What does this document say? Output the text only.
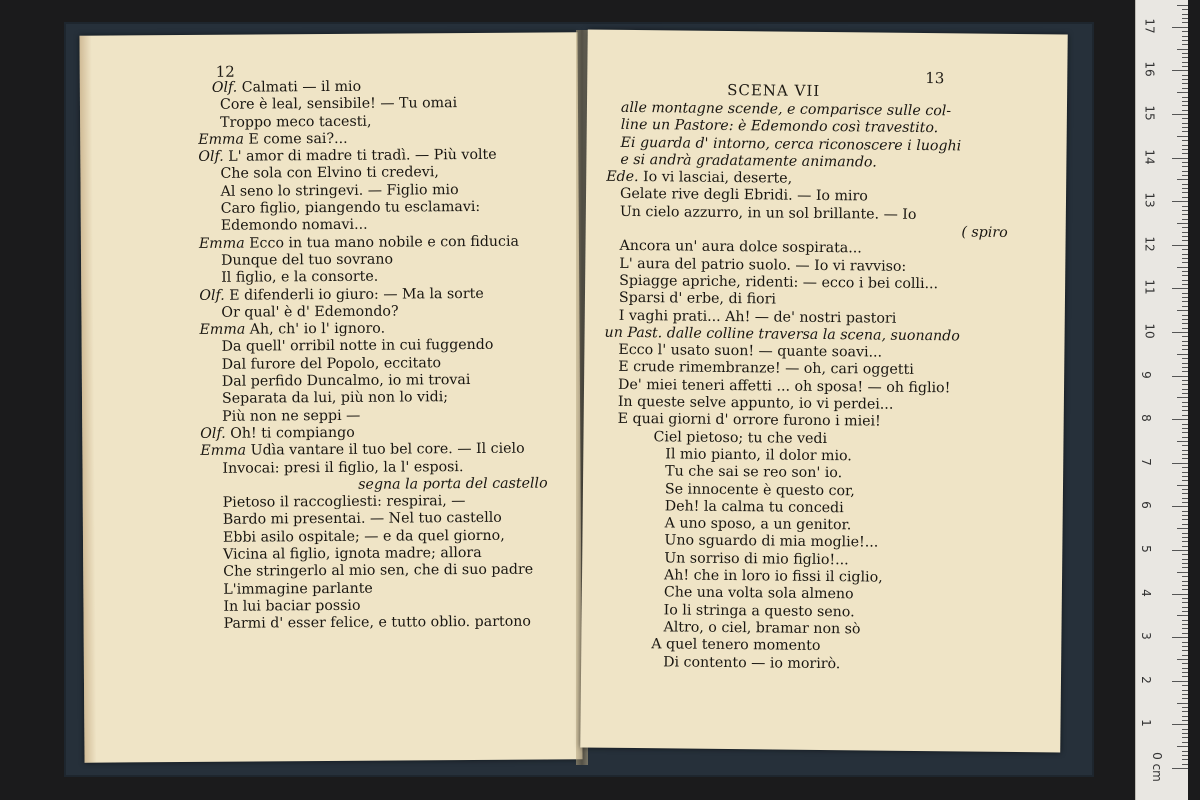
12
Olf. Calmati — il mio
Core è leal, sensibile! — Tu omai
Troppo meco tacesti,
Emma E come sai?...
Olf. L' amor di madre ti tradì. — Più volte
Che sola con Elvino ti credevi,
Al seno lo stringevi. — Figlio mio
Caro figlio, piangendo tu esclamavi:
Edemondo nomavi...
Emma Ecco in tua mano nobile e con fiducia
Dunque del tuo sovrano
Il figlio, e la consorte.
Olf. E difenderli io giuro: — Ma la sorte
Or qual' è d' Edemondo?
Emma Ah, ch' io l' ignoro.
Da quell' orribil notte in cui fuggendo
Dal furore del Popolo, eccitato
Dal perfido Duncalmo, io mi trovai
Separata da lui, più non lo vidi;
Più non ne seppi —
Olf. Oh! ti compiango
Emma Udìa vantare il tuo bel core. — Il cielo
Invocai: presi il figlio, la l' esposi.
segna la porta del castello
Pietoso il raccogliesti: respirai, —
Bardo mi presentai. — Nel tuo castello
Ebbi asilo ospitale; — e da quel giorno,
Vicina al figlio, ignota madre; allora
Che stringerlo al mio sen, che di suo padre
L'immagine parlante
In lui baciar possio
Parmi d' esser felice, e tutto oblio. partono
SCENA VII
13
alle montagne scende, e comparisce sulle col-
line un Pastore: è Edemondo così travestito.
Ei guarda d' intorno, cerca riconoscere i luoghi
e si andrà gradatamente animando.
Ede. Io vi lasciai, deserte,
Gelate rive degli Ebridi. — Io miro
Un cielo azzurro, in un sol brillante. — Io
( spiro
Ancora un' aura dolce sospirata...
L' aura del patrio suolo. — Io vi ravviso:
Spiagge apriche, ridenti: — ecco i bei colli...
Sparsi d' erbe, di fiori
I vaghi prati... Ah! — de' nostri pastori
un Past. dalle colline traversa la scena, suonando
Ecco l' usato suon! — quante soavi...
E crude rimembranze! — oh, cari oggetti
De' miei teneri affetti ... oh sposa! — oh figlio!
In queste selve appunto, io vi perdei...
E quai giorni d' orrore furono i miei!
Ciel pietoso; tu che vedi
Il mio pianto, il dolor mio.
Tu che sai se reo son' io.
Se innocente è questo cor,
Deh! la calma tu concedi
A uno sposo, a un genitor.
Uno sguardo di mia moglie!...
Un sorriso di mio figlio!...
Ah! che in loro io fissi il ciglio,
Che una volta sola almeno
Io li stringa a questo seno.
Altro, o ciel, bramar non sò
A quel tenero momento
Di contento — io morirò.
0 cm
1
2
3
4
5
6
7
8
9
10
11
12
13
14
15
16
17
